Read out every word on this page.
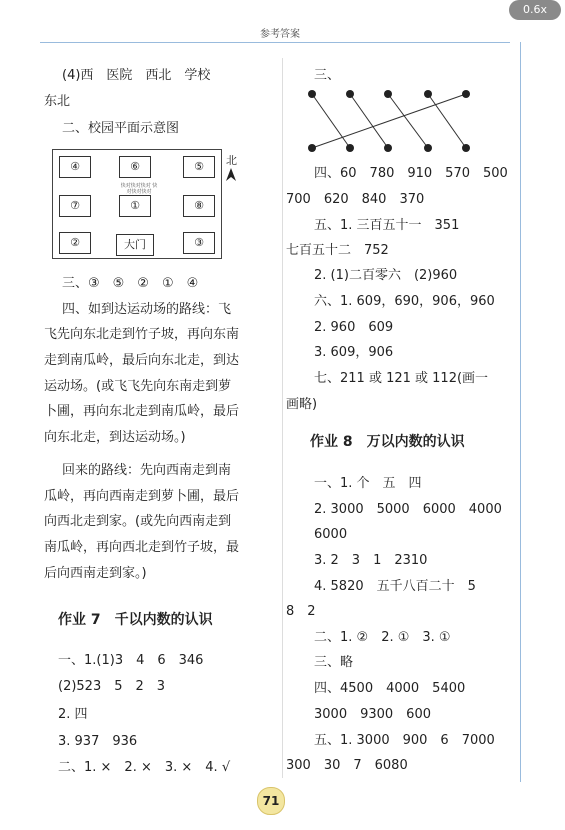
0.6x
参考答案
(4)西　医院　西北　学校
东北
二、校园平面示意图
④	⑥	⑤
⑦	①	⑧
②	大门	③
快对快对快对 快对快对快对
北
三、③　⑤　②　①　④
四、如到达运动场的路线：飞
飞先向东北走到竹子坡，再向东南
走到南瓜岭，最后向东北走，到达
运动场。(或飞飞先向东南走到萝
卜圃，再向东北走到南瓜岭，最后
向东北走，到达运动场。)
回来的路线：先向西南走到南
瓜岭，再向西南走到萝卜圃，最后
向西北走到家。(或先向西南走到
南瓜岭，再向西北走到竹子坡，最
后向西南走到家。)
作业 7　千以内数的认识
一、1.(1)3　4　6　346
(2)523　5　2　3
2. 四
3. 937　936
二、1. ×　2. ×　3. ×　4. √
三、
四、60　780　910　570　500
700　620　840　370
五、1. 三百五十一　351
七百五十二　752
2. (1)二百零六　(2)960
六、1. 609，690，906，960
2. 960　609
3. 609，906
七、211 或 121 或 112(画一
画略)
作业 8　万以内数的认识
一、1. 个　五　四
2. 3000　5000　6000　4000
6000
3. 2　3　1　2310
4. 5820　五千八百二十　5
8　2
二、1. ②　2. ①　3. ①
三、略
四、4500　4000　5400
3000　9300　600
五、1. 3000　900　6　7000
300　30　7　6080
71
